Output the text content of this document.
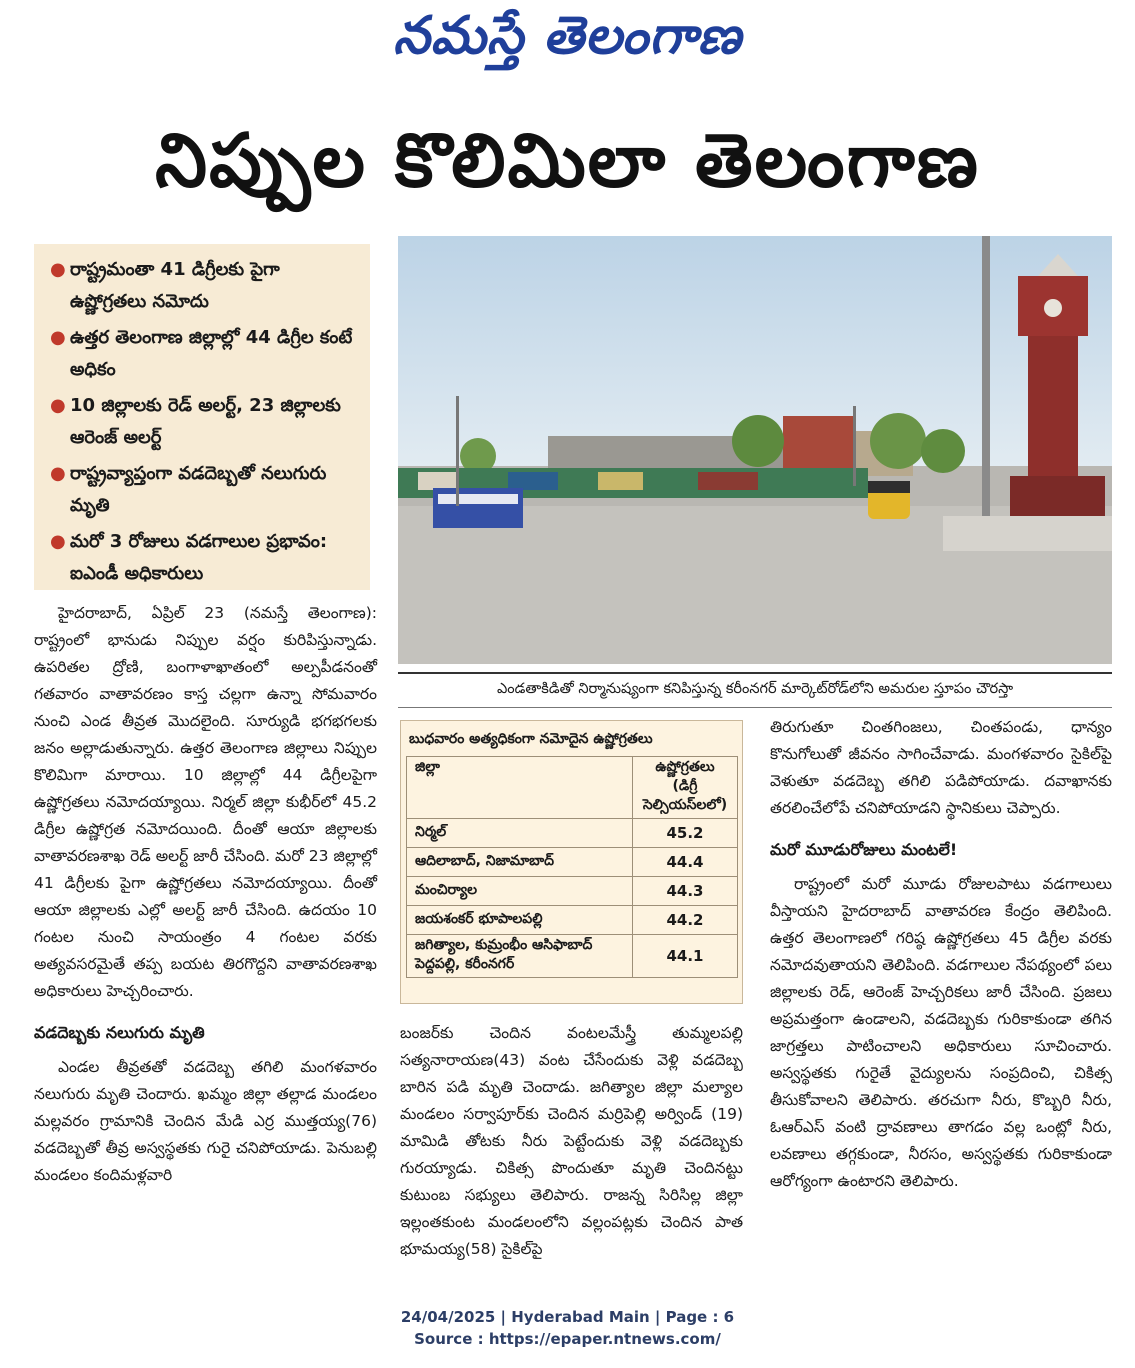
నమస్తే తెలంగాణ
నిప్పుల కొలిమిలా తెలంగాణ
● రాష్ట్రమంతా 41 డిగ్రీలకు పైగా ఉష్ణోగ్రతలు నమోదు
● ఉత్తర తెలంగాణ జిల్లాల్లో 44 డిగ్రీల కంటే అధికం
● 10 జిల్లాలకు రెడ్ అలర్ట్, 23 జిల్లాలకు ఆరెంజ్ అలర్ట్
● రాష్ట్రవ్యాప్తంగా వడదెబ్బతో నలుగురు మృతి
● మరో 3 రోజులు వడగాలుల ప్రభావం: ఐఎండీ అధికారులు
ఎండతాకిడితో నిర్మానుష్యంగా కనిపిస్తున్న కరీంనగర్ మార్కెట్‌రోడ్‌లోని అమరుల స్తూపం చౌరస్తా

హైదరాబాద్, ఏప్రిల్ 23 (నమస్తే తెలంగాణ): రాష్ట్రంలో భానుడు నిప్పుల వర్షం కురిపిస్తున్నాడు. ఉపరితల ద్రోణి, బంగాళాఖాతంలో అల్పపీడనంతో గతవారం వాతావరణం కాస్త చల్లగా ఉన్నా సోమవారం నుంచి ఎండ తీవ్రత మొదలైంది. సూర్యుడి భగభగలకు జనం అల్లాడుతున్నారు. ఉత్తర తెలంగాణ జిల్లాలు నిప్పుల కొలిమిగా మారాయి. 10 జిల్లాల్లో 44 డిగ్రీలపైగా ఉష్ణోగ్రతలు నమోదయ్యాయి. నిర్మల్ జిల్లా కుభీర్‌లో 45.2 డిగ్రీల ఉష్ణోగ్రత నమోదయింది. దీంతో ఆయా జిల్లాలకు వాతావరణశాఖ రెడ్ అలర్ట్ జారీ చేసింది. మరో 23 జిల్లాల్లో 41 డిగ్రీలకు పైగా ఉష్ణోగ్రతలు నమోదయ్యాయి. దీంతో ఆయా జిల్లాలకు ఎల్లో అలర్ట్ జారీ చేసింది. ఉదయం 10 గంటల నుంచి సాయంత్రం 4 గంటల వరకు అత్యవసరమైతే తప్ప బయట తిరగొద్దని వాతావరణశాఖ అధికారులు హెచ్చరించారు.

వడదెబ్బకు నలుగురు మృతి

ఎండల తీవ్రతతో వడదెబ్బ తగిలి మంగళవారం నలుగురు మృతి చెందారు. ఖమ్మం జిల్లా తల్లాడ మండలం మల్లవరం గ్రామానికి చెందిన మేడి ఎర్ర ముత్తయ్య(76) వడదెబ్బతో తీవ్ర అస్వస్థతకు గురై చనిపోయాడు. పెనుబల్లి మండలం కందిమళ్లవారి

బుధవారం అత్యధికంగా నమోదైన ఉష్ణోగ్రతలు
జిల్లా	ఉష్ణోగ్రతలు (డిగ్రీ సెల్సియస్‌లలో)
నిర్మల్	45.2
ఆదిలాబాద్, నిజామాబాద్	44.4
మంచిర్యాల	44.3
జయశంకర్ భూపాలపల్లి	44.2
జగిత్యాల, కుమ్రంభీం ఆసిఫాబాద్ పెద్దపల్లి, కరీంనగర్	44.1

బంజర్‌కు చెందిన వంటలమేస్త్రీ తుమ్మలపల్లి సత్యనారాయణ(43) వంట చేసేందుకు వెళ్లి వడదెబ్బ బారిన పడి మృతి చెందాడు. జగిత్యాల జిల్లా మల్యాల మండలం సర్వాపూర్‌కు చెందిన మర్రిపెల్లి అర్విండ్ (19) మామిడి తోటకు నీరు పెట్టేందుకు వెళ్లి వడదెబ్బకు గురయ్యాడు. చికిత్స పొందుతూ మృతి చెందినట్టు కుటుంబ సభ్యులు తెలిపారు. రాజన్న సిరిసిల్ల జిల్లా ఇల్లంతకుంట మండలంలోని వల్లంపట్లకు చెందిన పాత భూమయ్య(58) సైకిల్‌పై

తిరుగుతూ చింతగింజలు, చింతపండు, ధాన్యం కొనుగోలుతో జీవనం సాగించేవాడు. మంగళవారం సైకిల్‌పై వెళుతూ వడదెబ్బ తగిలి పడిపోయాడు. దవాఖానకు తరలించేలోపే చనిపోయాడని స్థానికులు చెప్పారు.

మరో మూడురోజులు మంటలే!

రాష్ట్రంలో మరో మూడు రోజులపాటు వడగాలులు వీస్తాయని హైదరాబాద్ వాతావరణ కేంద్రం తెలిపింది. ఉత్తర తెలంగాణలో గరిష్ఠ ఉష్ణోగ్రతలు 45 డిగ్రీల వరకు నమోదవుతాయని తెలిపింది. వడగాలుల నేపథ్యంలో పలు జిల్లాలకు రెడ్, ఆరెంజ్ హెచ్చరికలు జారీ చేసింది. ప్రజలు అప్రమత్తంగా ఉండాలని, వడదెబ్బకు గురికాకుండా తగిన జాగ్రత్తలు పాటించాలని అధికారులు సూచించారు. అస్వస్థతకు గురైతే వైద్యులను సంప్రదించి, చికిత్స తీసుకోవాలని తెలిపారు. తరచుగా నీరు, కొబ్బరి నీరు, ఓఆర్‌ఎస్ వంటి ద్రావణాలు తాగడం వల్ల ఒంట్లో నీరు, లవణాలు తగ్గకుండా, నీరసం, అస్వస్థతకు గురికాకుండా ఆరోగ్యంగా ఉంటారని తెలిపారు.

24/04/2025 | Hyderabad Main | Page : 6
Source : https://epaper.ntnews.com/
